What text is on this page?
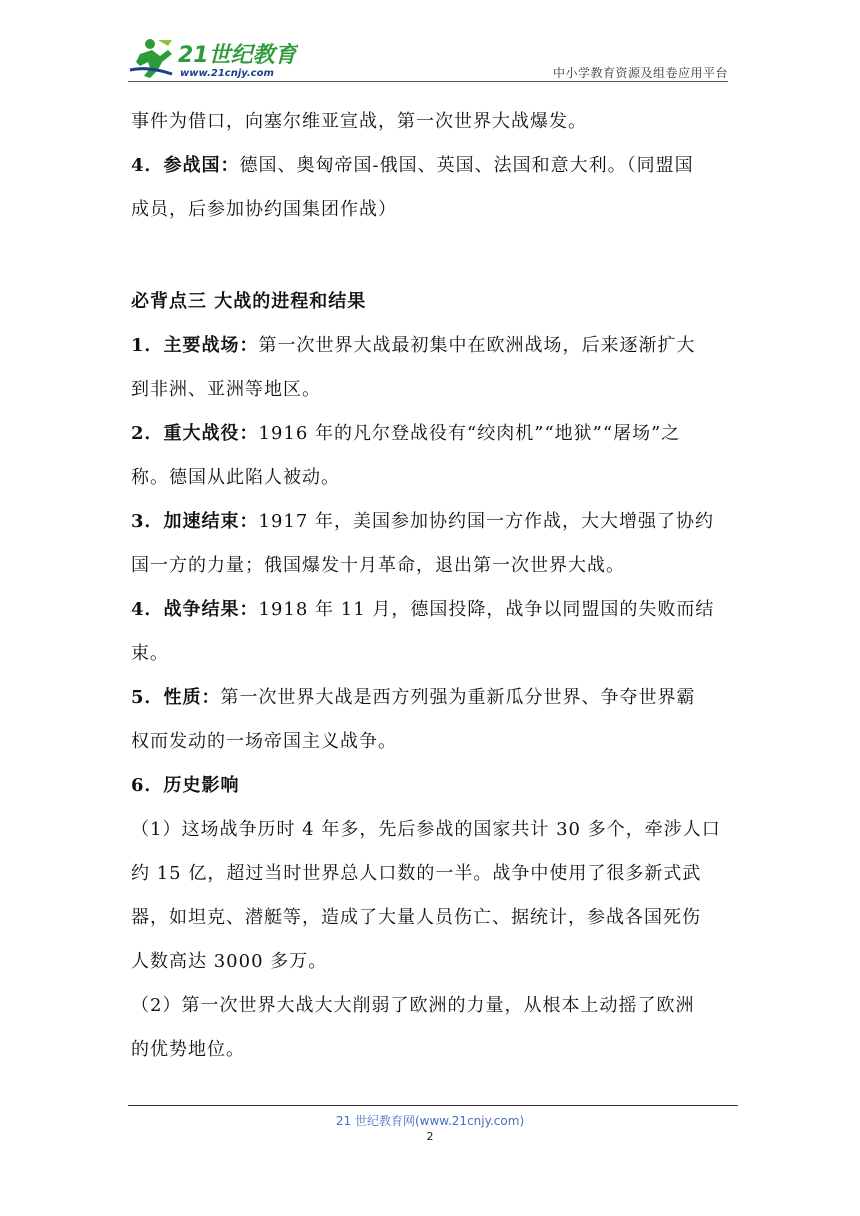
21世纪教育
www.21cnjy.com	中小学教育资源及组卷应用平台
事件为借口，向塞尔维亚宣战，第一次世界大战爆发。
4．参战国：德国、奥匈帝国-俄国、英国、法国和意大利。（同盟国
成员，后参加协约国集团作战）
必背点三 大战的进程和结果
1．主要战场：第一次世界大战最初集中在欧洲战场，后来逐渐扩大
到非洲、亚洲等地区。
2．重大战役：1916 年的凡尔登战役有“绞肉机”“地狱”“屠场”之
称。德国从此陷人被动。
3．加速结束：1917 年，美国参加协约国一方作战，大大增强了协约
国一方的力量；俄国爆发十月革命，退出第一次世界大战。
4．战争结果：1918 年 11 月，德国投降，战争以同盟国的失败而结
束。
5．性质：第一次世界大战是西方列强为重新瓜分世界、争夺世界霸
权而发动的一场帝国主义战争。
6．历史影响
（1）这场战争历时 4 年多，先后参战的国家共计 30 多个，牵涉人口
约 15 亿，超过当时世界总人口数的一半。战争中使用了很多新式武
器，如坦克、潜艇等，造成了大量人员伤亡、据统计，参战各国死伤
人数高达 3000 多万。
（2）第一次世界大战大大削弱了欧洲的力量，从根本上动摇了欧洲
的优势地位。
21 世纪教育网(www.21cnjy.com)
2
